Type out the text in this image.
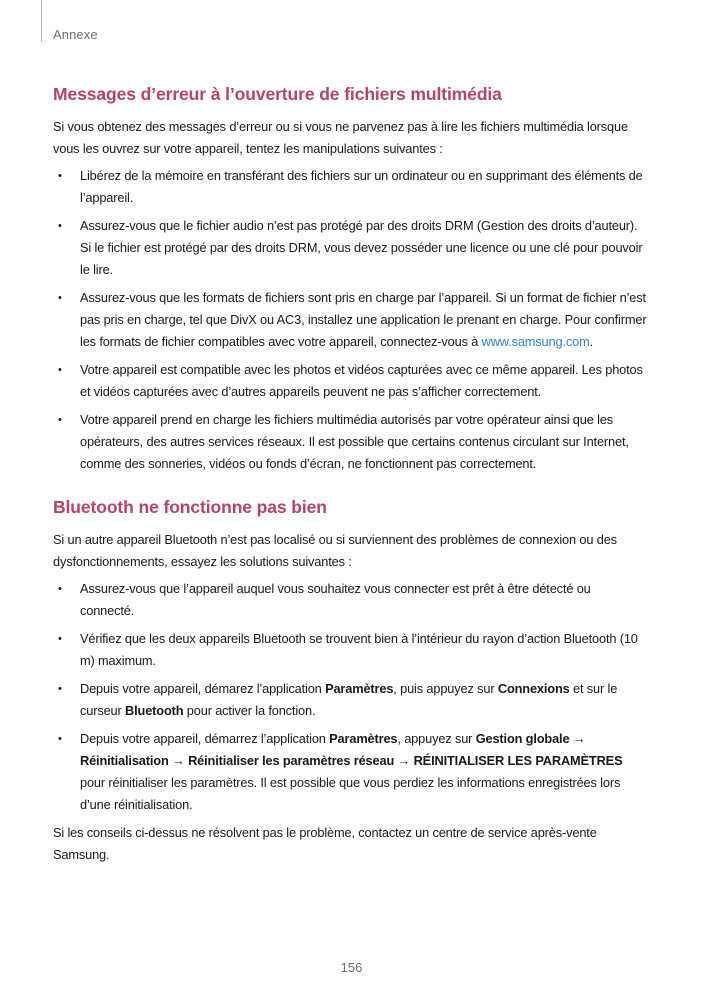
Annexe
Messages d’erreur à l’ouverture de fichiers multimédia

Si vous obtenez des messages d’erreur ou si vous ne parvenez pas à lire les fichiers multimédia lorsque vous les ouvrez sur votre appareil, tentez les manipulations suivantes :

• Libérez de la mémoire en transférant des fichiers sur un ordinateur ou en supprimant des éléments de l’appareil.
• Assurez-vous que le fichier audio n’est pas protégé par des droits DRM (Gestion des droits d’auteur). Si le fichier est protégé par des droits DRM, vous devez posséder une licence ou une clé pour pouvoir le lire.
• Assurez-vous que les formats de fichiers sont pris en charge par l’appareil. Si un format de fichier n’est pas pris en charge, tel que DivX ou AC3, installez une application le prenant en charge. Pour confirmer les formats de fichier compatibles avec votre appareil, connectez-vous à www.samsung.com.
• Votre appareil est compatible avec les photos et vidéos capturées avec ce même appareil. Les photos et vidéos capturées avec d’autres appareils peuvent ne pas s’afficher correctement.
• Votre appareil prend en charge les fichiers multimédia autorisés par votre opérateur ainsi que les opérateurs, des autres services réseaux. Il est possible que certains contenus circulant sur Internet, comme des sonneries, vidéos ou fonds d’écran, ne fonctionnent pas correctement.
Bluetooth ne fonctionne pas bien

Si un autre appareil Bluetooth n’est pas localisé ou si surviennent des problèmes de connexion ou des dysfonctionnements, essayez les solutions suivantes :

• Assurez-vous que l’appareil auquel vous souhaitez vous connecter est prêt à être détecté ou connecté.
• Vérifiez que les deux appareils Bluetooth se trouvent bien à l’intérieur du rayon d’action Bluetooth (10 m) maximum.
• Depuis votre appareil, démarez l’application Paramètres, puis appuyez sur Connexions et sur le curseur Bluetooth pour activer la fonction.
• Depuis votre appareil, démarrez l’application Paramètres, appuyez sur Gestion globale → Réinitialisation → Réinitialiser les paramètres réseau → RÉINITIALISER LES PARAMÈTRES pour réinitialiser les paramètres. Il est possible que vous perdiez les informations enregistrées lors d’une réinitialisation.

Si les conseils ci-dessus ne résolvent pas le problème, contactez un centre de service après-vente Samsung.

156
